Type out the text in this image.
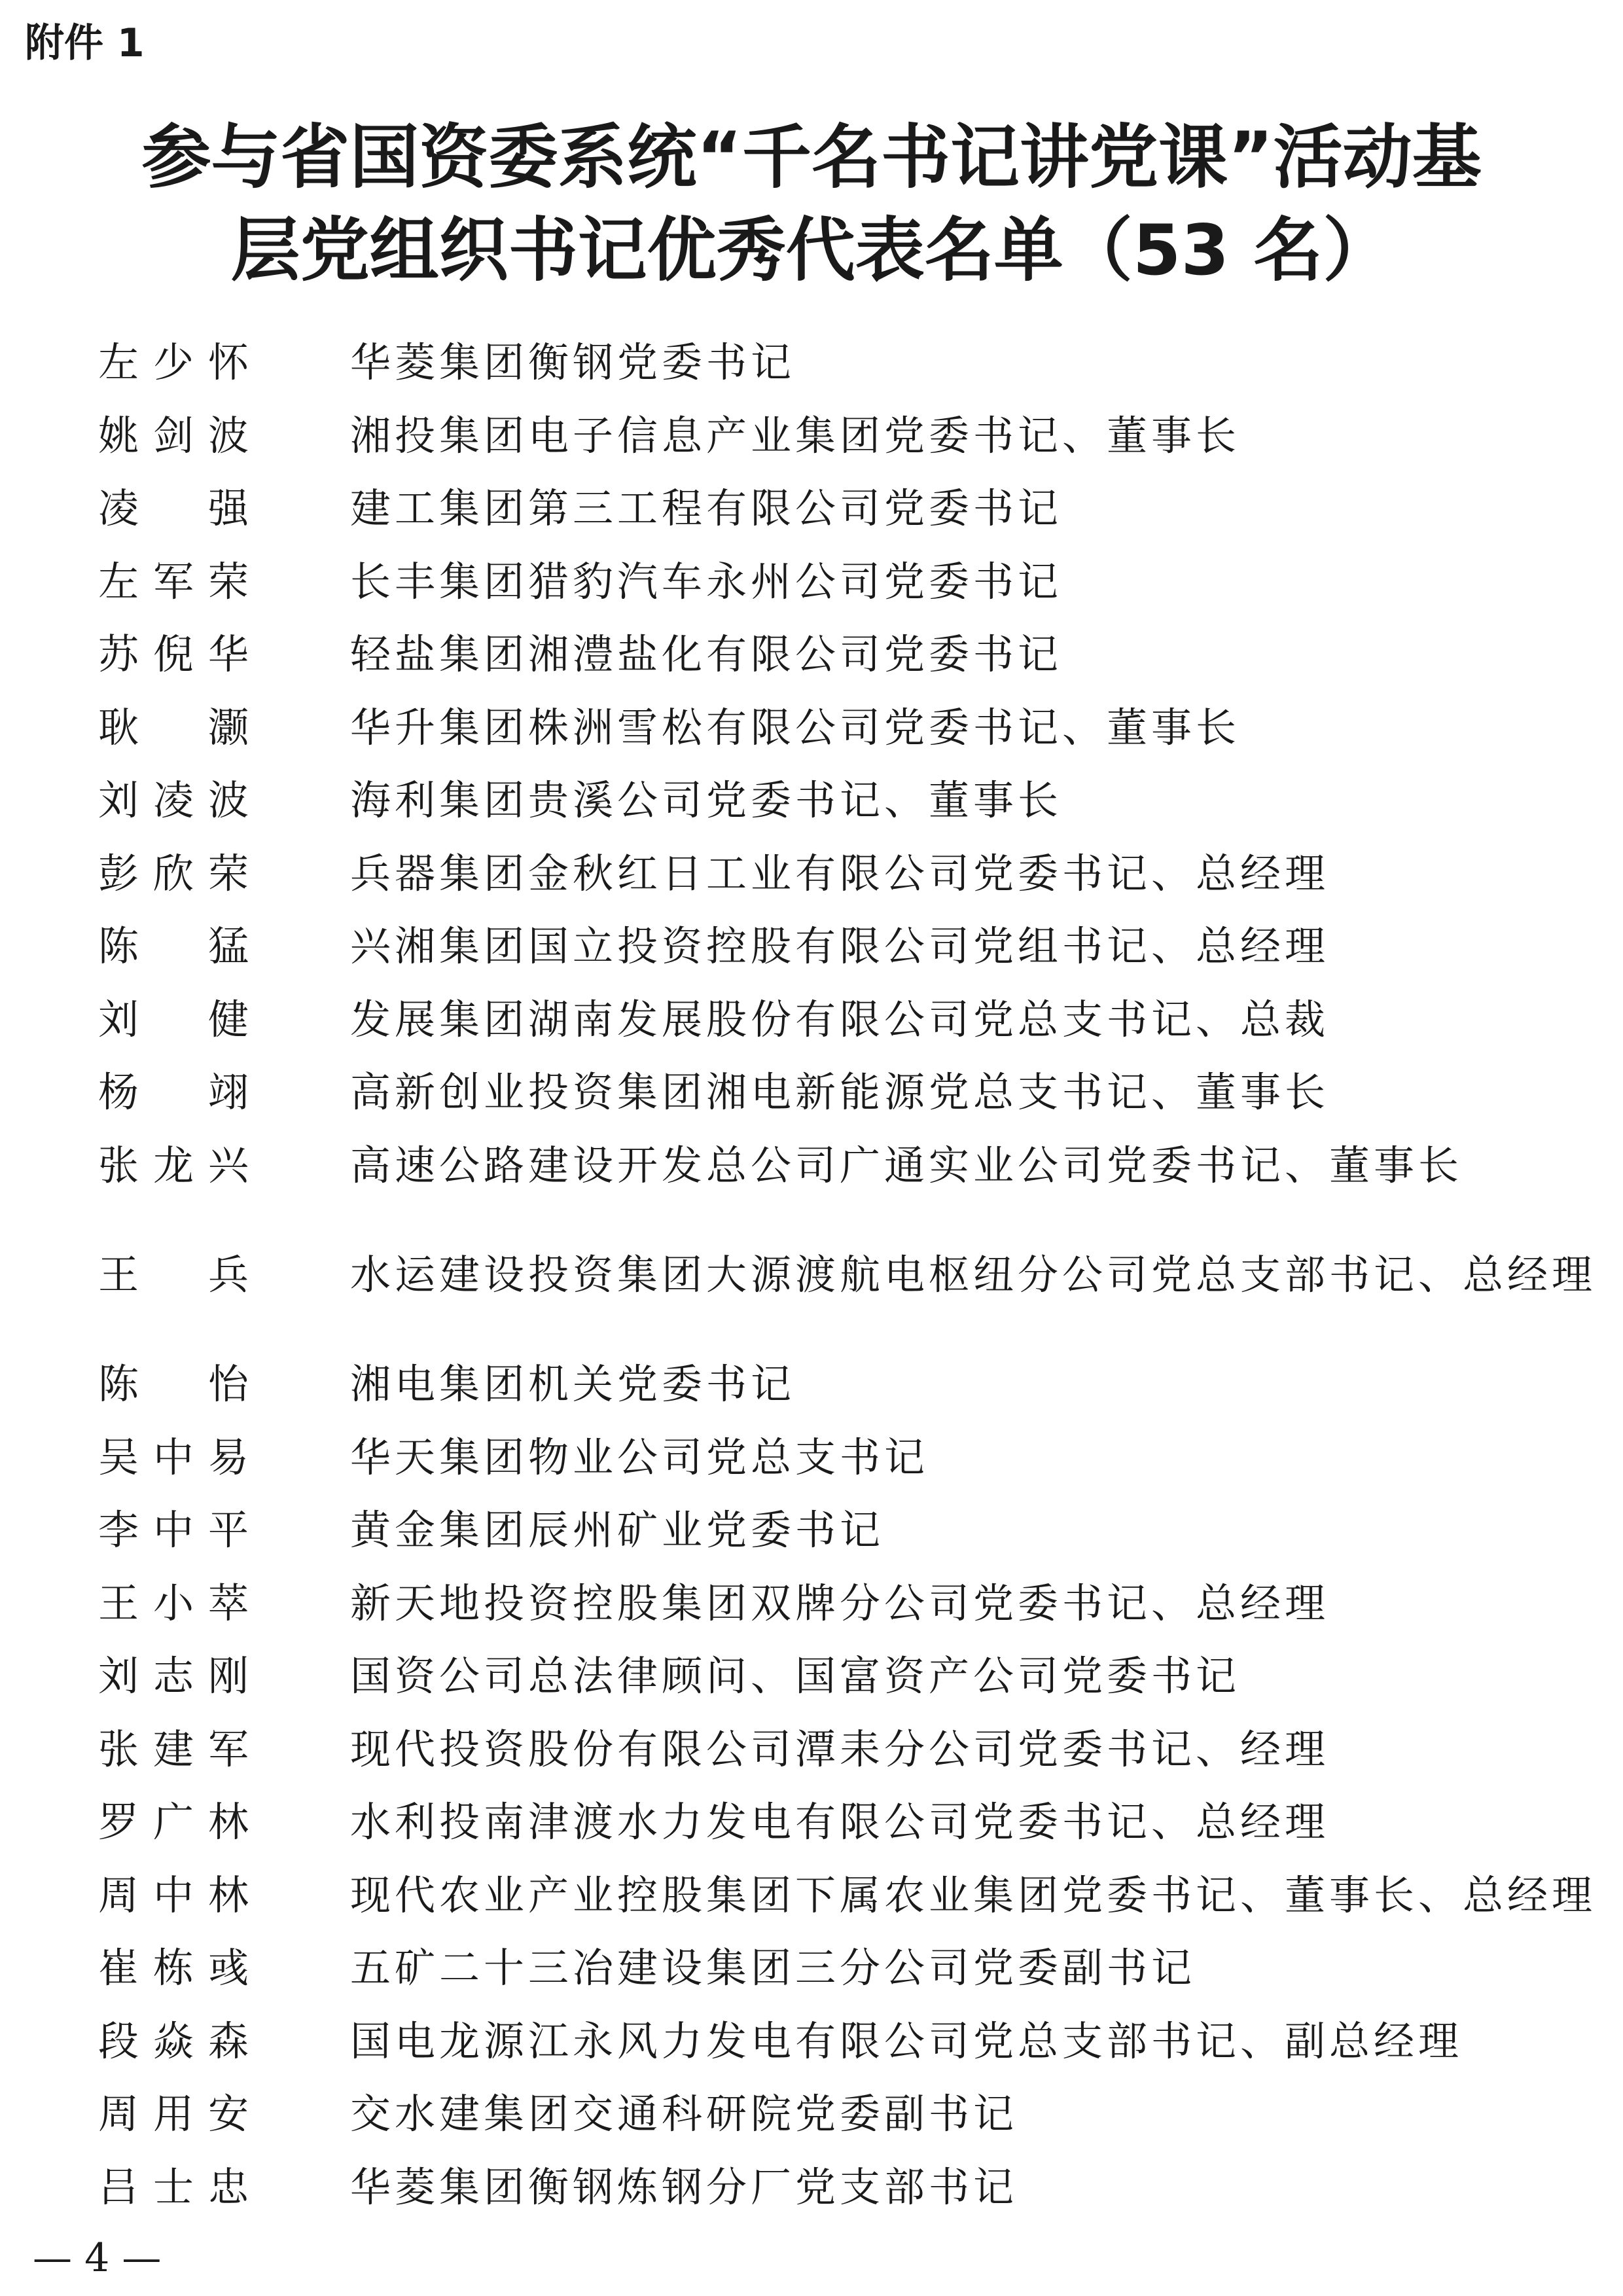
附件 1
参与省国资委系统“千名书记讲党课”活动基
层党组织书记优秀代表名单（53 名）
左少怀	华菱集团衡钢党委书记
姚剑波	湘投集团电子信息产业集团党委书记、董事长
凌　强	建工集团第三工程有限公司党委书记
左军荣	长丰集团猎豹汽车永州公司党委书记
苏倪华	轻盐集团湘澧盐化有限公司党委书记
耿　灏	华升集团株洲雪松有限公司党委书记、董事长
刘凌波	海利集团贵溪公司党委书记、董事长
彭欣荣	兵器集团金秋红日工业有限公司党委书记、总经理
陈　猛	兴湘集团国立投资控股有限公司党组书记、总经理
刘　健	发展集团湖南发展股份有限公司党总支书记、总裁
杨　翊	高新创业投资集团湘电新能源党总支书记、董事长
张龙兴	高速公路建设开发总公司广通实业公司党委书记、董事长
王　兵	水运建设投资集团大源渡航电枢纽分公司党总支部书记、总经理
陈　怡	湘电集团机关党委书记
吴中易	华天集团物业公司党总支书记
李中平	黄金集团辰州矿业党委书记
王小萃	新天地投资控股集团双牌分公司党委书记、总经理
刘志刚	国资公司总法律顾问、国富资产公司党委书记
张建军	现代投资股份有限公司潭耒分公司党委书记、经理
罗广林	水利投南津渡水力发电有限公司党委书记、总经理
周中林	现代农业产业控股集团下属农业集团党委书记、董事长、总经理
崔栋彧	五矿二十三冶建设集团三分公司党委副书记
段焱森	国电龙源江永风力发电有限公司党总支部书记、副总经理
周用安	交水建集团交通科研院党委副书记
吕士忠	华菱集团衡钢炼钢分厂党支部书记
— 4 —
